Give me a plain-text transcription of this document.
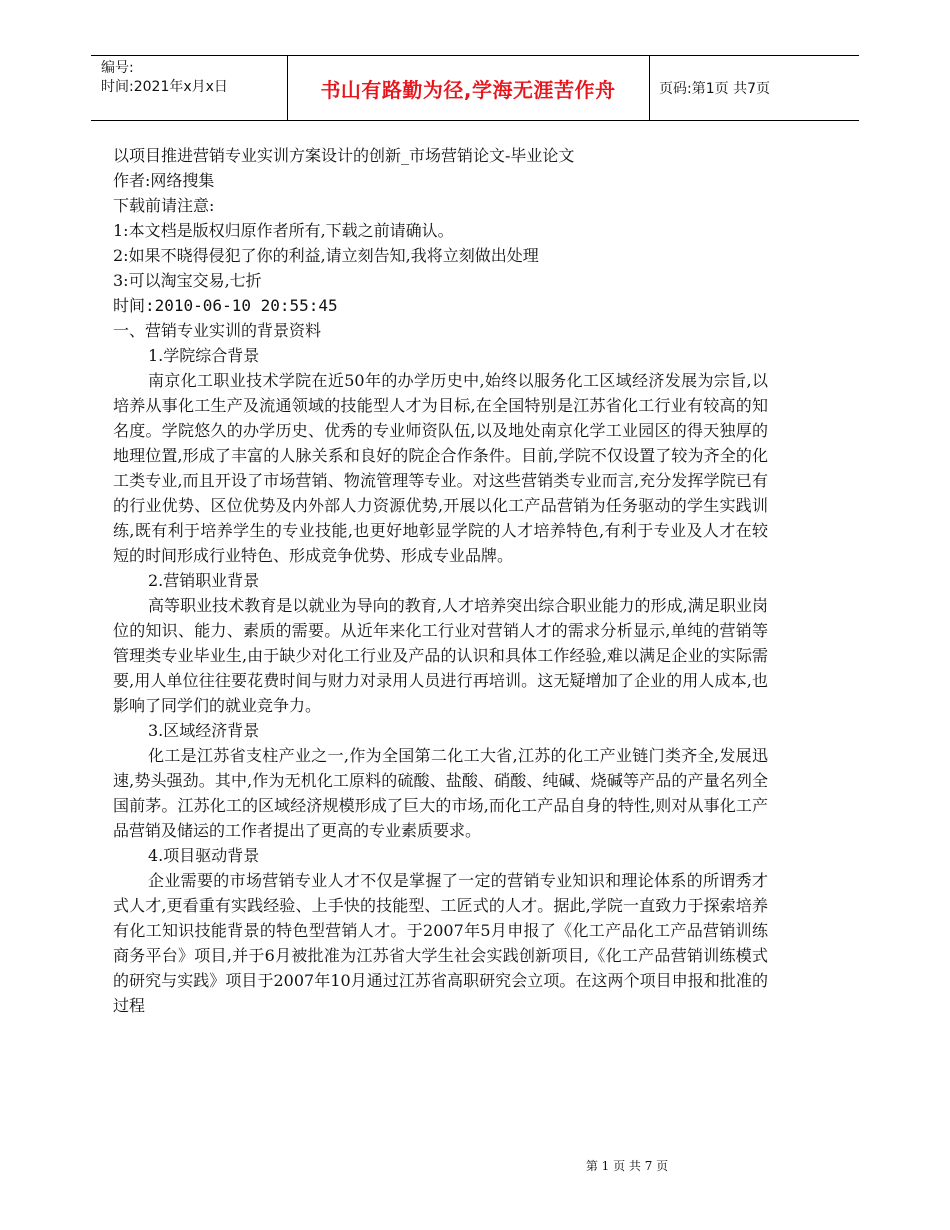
编号:
时间:2021年x月x日	书山有路勤为径,学海无涯苦作舟	页码:第1页 共7页

以项目推进营销专业实训方案设计的创新_市场营销论文-毕业论文

作者:网络搜集

下载前请注意:

1:本文档是版权归原作者所有,下载之前请确认。

2:如果不晓得侵犯了你的利益,请立刻告知,我将立刻做出处理

3:可以淘宝交易,七折

时间:2010-06-10 20:55:45

一、营销专业实训的背景资料

1.学院综合背景

南京化工职业技术学院在近50年的办学历史中,始终以服务化工区域经济发展为宗旨,以培养从事化工生产及流通领域的技能型人才为目标,在全国特别是江苏省化工行业有较高的知名度。学院悠久的办学历史、优秀的专业师资队伍,以及地处南京化学工业园区的得天独厚的地理位置,形成了丰富的人脉关系和良好的院企合作条件。目前,学院不仅设置了较为齐全的化工类专业,而且开设了市场营销、物流管理等专业。对这些营销类专业而言,充分发挥学院已有的行业优势、区位优势及内外部人力资源优势,开展以化工产品营销为任务驱动的学生实践训练,既有利于培养学生的专业技能,也更好地彰显学院的人才培养特色,有利于专业及人才在较短的时间形成行业特色、形成竞争优势、形成专业品牌。

2.营销职业背景

高等职业技术教育是以就业为导向的教育,人才培养突出综合职业能力的形成,满足职业岗位的知识、能力、素质的需要。从近年来化工行业对营销人才的需求分析显示,单纯的营销等管理类专业毕业生,由于缺少对化工行业及产品的认识和具体工作经验,难以满足企业的实际需要,用人单位往往要花费时间与财力对录用人员进行再培训。这无疑增加了企业的用人成本,也影响了同学们的就业竞争力。

3.区域经济背景

化工是江苏省支柱产业之一,作为全国第二化工大省,江苏的化工产业链门类齐全,发展迅速,势头强劲。其中,作为无机化工原料的硫酸、盐酸、硝酸、纯碱、烧碱等产品的产量名列全国前茅。江苏化工的区域经济规模形成了巨大的市场,而化工产品自身的特性,则对从事化工产品营销及储运的工作者提出了更高的专业素质要求。

4.项目驱动背景

企业需要的市场营销专业人才不仅是掌握了一定的营销专业知识和理论体系的所谓秀才式人才,更看重有实践经验、上手快的技能型、工匠式的人才。据此,学院一直致力于探索培养有化工知识技能背景的特色型营销人才。于2007年5月申报了《化工产品化工产品营销训练商务平台》项目,并于6月被批准为江苏省大学生社会实践创新项目,《化工产品营销训练模式的研究与实践》项目于2007年10月通过江苏省高职研究会立项。在这两个项目申报和批准的过程

第 1 页 共 7 页
